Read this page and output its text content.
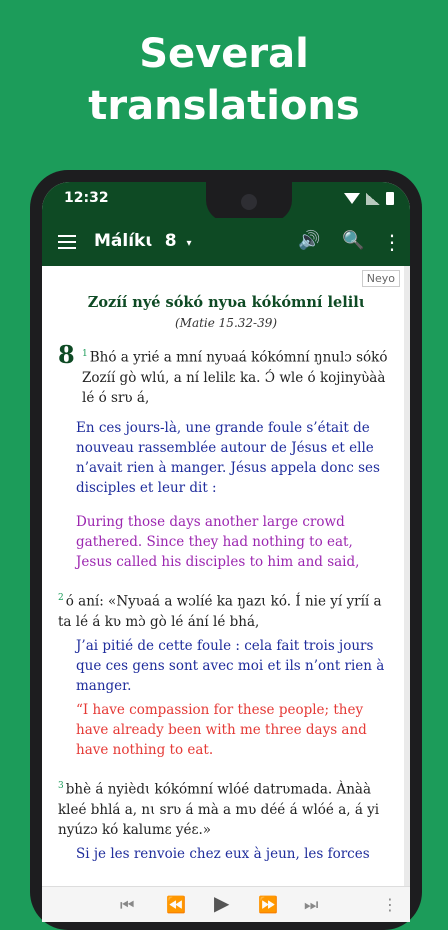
Several
translations
12:32
Málíkɩ 8 ▾	🔊 🔍 ⋮
Neyo
Zozíí nyé sókó nyʋa kókómní lelilɩ
(Matie 15.32-39)
8 $^1$ Bhó a yrié a mní nyʋaá kókómní ŋnulɔ sókó Zozíí gò wlú, a ní lelilɛ ka. Ɔ́ wle ó kojinyʋ̀àà lé ó srʋ á,
En ces jours-là, une grande foule s’était de nouveau rassemblée autour de Jésus et elle n’avait rien à manger. Jésus appela donc ses disciples et leur dit :
During those days another large crowd gathered. Since they had nothing to eat, Jesus called his disciples to him and said,
$^2$ ó aní: «Nyʋaá a wɔlíé ka ŋazɩ kó. Í nie yí yríí a ta lé á kʋ mɔ̀ gò lé ání lé bhá,
J’ai pitié de cette foule : cela fait trois jours que ces gens sont avec moi et ils n’ont rien à manger.
“I have compassion for these people; they have already been with me three days and have nothing to eat.
$^3$ bhè á nyièdɩ kókómní wlóé datrʋmada. Ànàà kleé bhlá a, nɩ srʋ á mà a mʋ déé á wlóé a, á yi nyúzɔ kó kalumɛ yéɛ.»
Si je les renvoie chez eux à jeun, les forces
⏮ ⏪ ▶ ⏩ ⏭	⋮
